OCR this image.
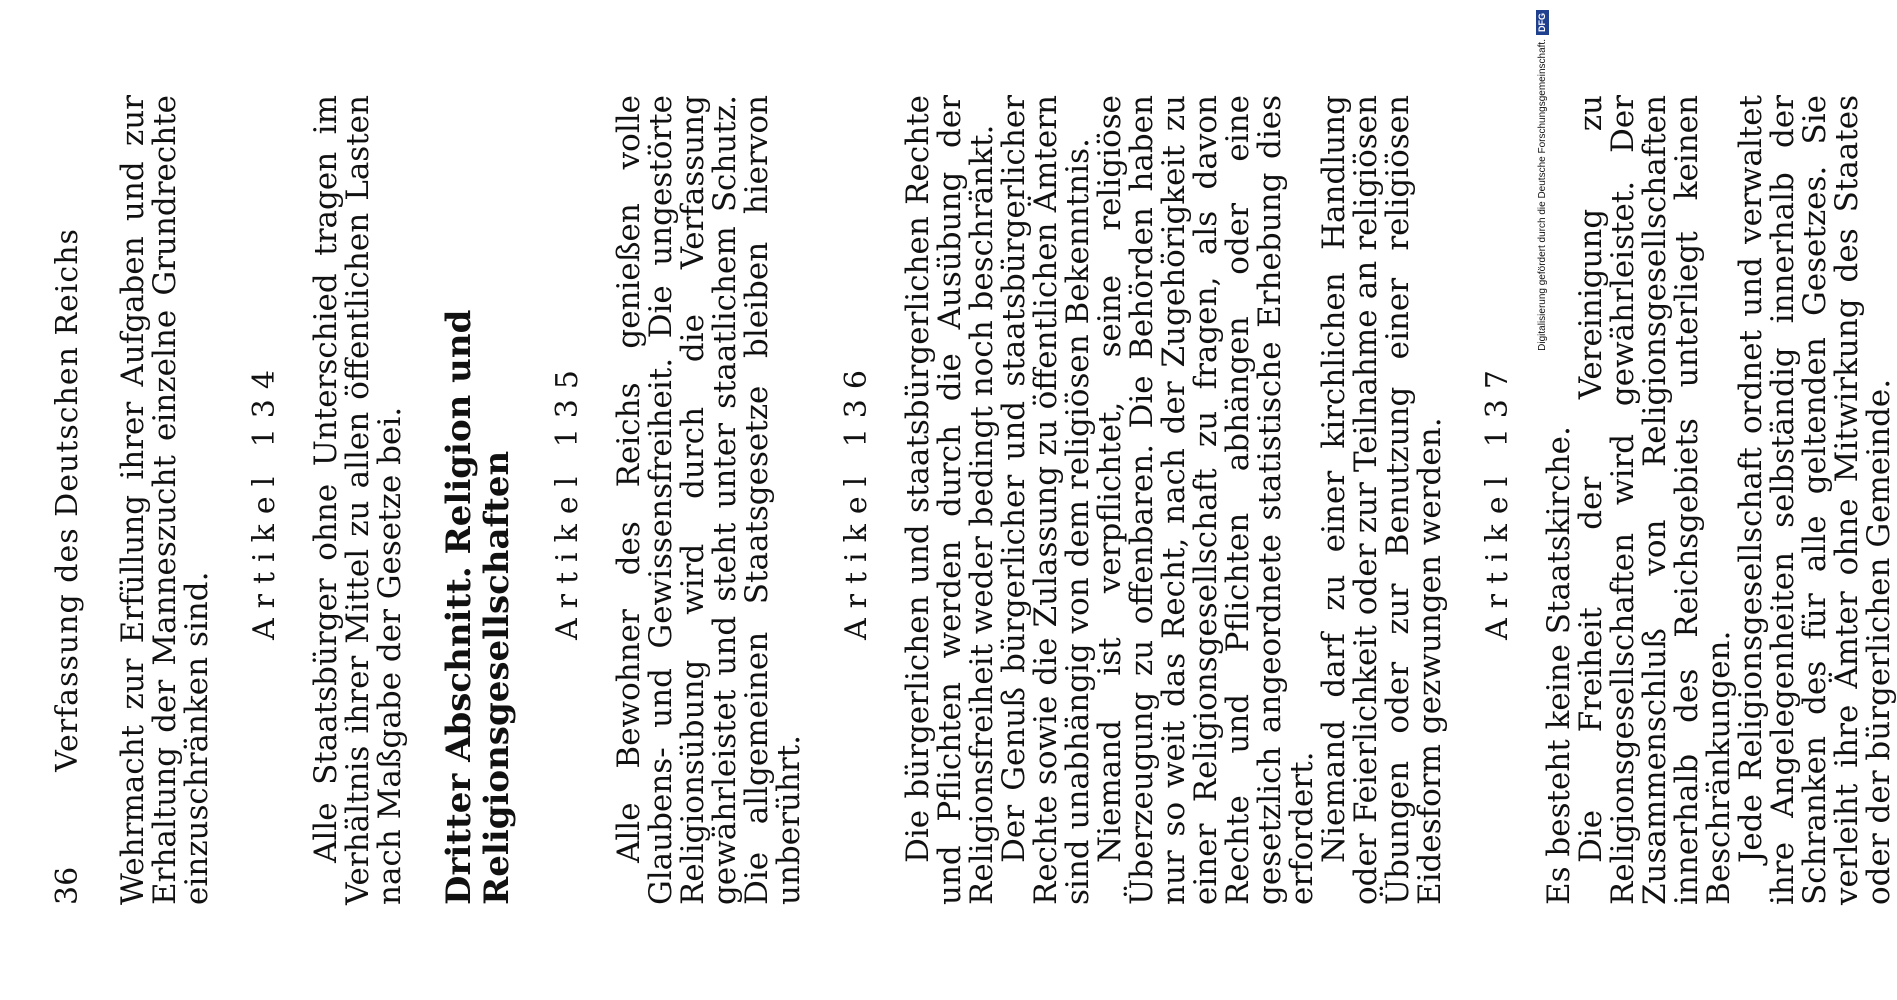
36
Verfassung des Deutschen Reichs Wehrmacht zur Erfüllung ihrer Aufgaben und zur Erhaltung der Manneszucht einzelne Grundrechte einzuschränken sind.

Artikel 134 Alle Staatsbürger ohne Unterschied tragen im Verhältnis ihrer Mittel zu allen öffentlichen Lasten nach Maßgabe der Gesetze bei. Dritter Abschnitt. Religion und Religionsgesellschaften Artikel 135 Alle Bewohner des Reichs genießen volle Glaubens- und Gewissensfreiheit. Die ungestörte Religionsübung wird durch die Verfassung gewährleistet und steht unter staatlichem Schutz. Die allgemeinen Staatsgesetze bleiben hiervon unberührt.

Artikel 136 Die bürgerlichen und staatsbürgerlichen Rechte und Pflichten werden durch die Ausübung der Religionsfreiheit weder bedingt noch beschränkt.

Der Genuß bürgerlicher und staatsbürgerlicher Rechte sowie die Zulassung zu öffentlichen Ämtern sind unabhängig von dem religiösen Bekenntnis.

Niemand ist verpflichtet, seine religiöse Überzeugung zu offenbaren. Die Behörden haben nur so weit das Recht, nach der Zugehörigkeit zu einer Religionsgesellschaft zu fragen, als davon Rechte und Pflichten abhängen oder eine gesetzlich angeordnete statistische Erhebung dies erfordert.

Niemand darf zu einer kirchlichen Handlung oder Feierlichkeit oder zur Teilnahme an religiösen Übungen oder zur Benutzung einer religiösen Eidesform gezwungen werden. Artikel 137 Es besteht keine Staatskirche.

Die Freiheit der Vereinigung zu Religionsgesellschaften wird gewährleistet. Der Zusammenschluß von Religionsgesellschaften innerhalb des Reichsgebiets unterliegt keinen Beschränkungen.

Jede Religionsgesellschaft ordnet und verwaltet ihre Angelegenheiten selbständig innerhalb der Schranken des für alle geltenden Gesetzes. Sie verleiht ihre Ämter ohne Mitwirkung des Staates oder der bürgerlichen Gemeinde.

Digitalisierung gefördert durch die Deutsche Forschungsgemeinschaft.
DFG
